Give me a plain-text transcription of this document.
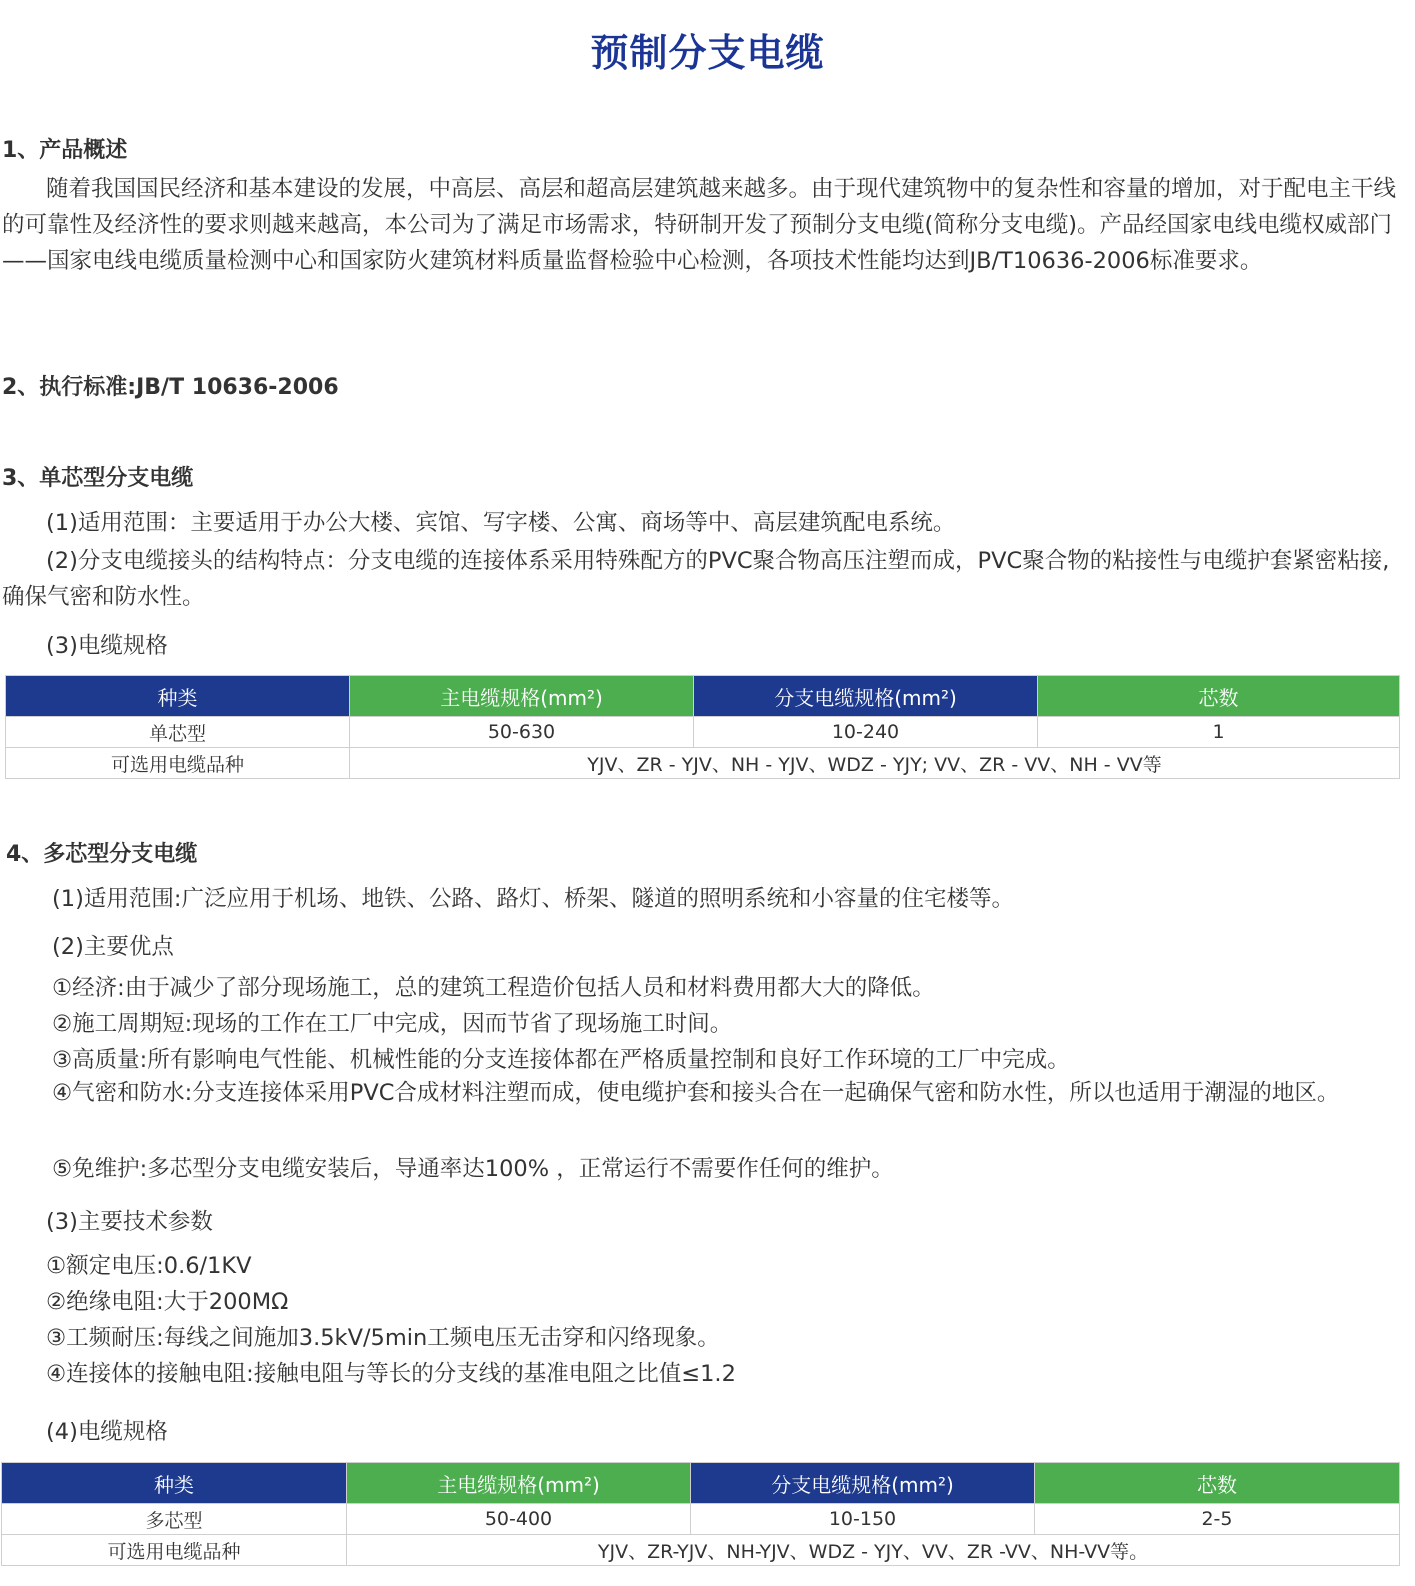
预制分支电缆
1、产品概述
随着我国国民经济和基本建设的发展，中高层、高层和超高层建筑越来越多。由于现代建筑物中的复杂性和容量的增加，对于配电主干线的可靠性及经济性的要求则越来越高，本公司为了满足市场需求，特研制开发了预制分支电缆(简称分支电缆)。产品经国家电线电缆权威部门——国家电线电缆质量检测中心和国家防火建筑材料质量监督检验中心检测，各项技术性能均达到JB/T10636-2006标准要求。
2、执行标准:JB/T 10636-2006
3、单芯型分支电缆
(1)适用范围：主要适用于办公大楼、宾馆、写字楼、公寓、商场等中、高层建筑配电系统。
(2)分支电缆接头的结构特点：分支电缆的连接体系采用特殊配方的PVC聚合物高压注塑而成，PVC聚合物的粘接性与电缆护套紧密粘接,确保气密和防水性。
(3)电缆规格
种类	主电缆规格(mm²)	分支电缆规格(mm²)	芯数
单芯型	50-630	10-240	1
可选用电缆品种	YJV、ZR - YJV、NH - YJV、WDZ - YJY; VV、ZR - VV、NH - VV等		
4、多芯型分支电缆
(1)适用范围:广泛应用于机场、地铁、公路、路灯、桥架、隧道的照明系统和小容量的住宅楼等。
(2)主要优点
①经济:由于减少了部分现场施工，总的建筑工程造价包括人员和材料费用都大大的降低。
②施工周期短:现场的工作在工厂中完成，因而节省了现场施工时间。
③高质量:所有影响电气性能、机械性能的分支连接体都在严格质量控制和良好工作环境的工厂中完成。
④气密和防水:分支连接体采用PVC合成材料注塑而成，使电缆护套和接头合在一起确保气密和防水性，所以也适用于潮湿的地区。
⑤免维护:多芯型分支电缆安装后，导通率达100% ，正常运行不需要作任何的维护。
(3)主要技术参数
①额定电压:0.6/1KV
②绝缘电阻:大于200MΩ
③工频耐压:每线之间施加3.5kV/5min工频电压无击穿和闪络现象。
④连接体的接触电阻:接触电阻与等长的分支线的基准电阻之比值≤1.2
(4)电缆规格
种类	主电缆规格(mm²)	分支电缆规格(mm²)	芯数
多芯型	50-400	10-150	2-5
可选用电缆品种	YJV、ZR-YJV、NH-YJV、WDZ - YJY、VV、ZR -VV、NH-VV等。		
